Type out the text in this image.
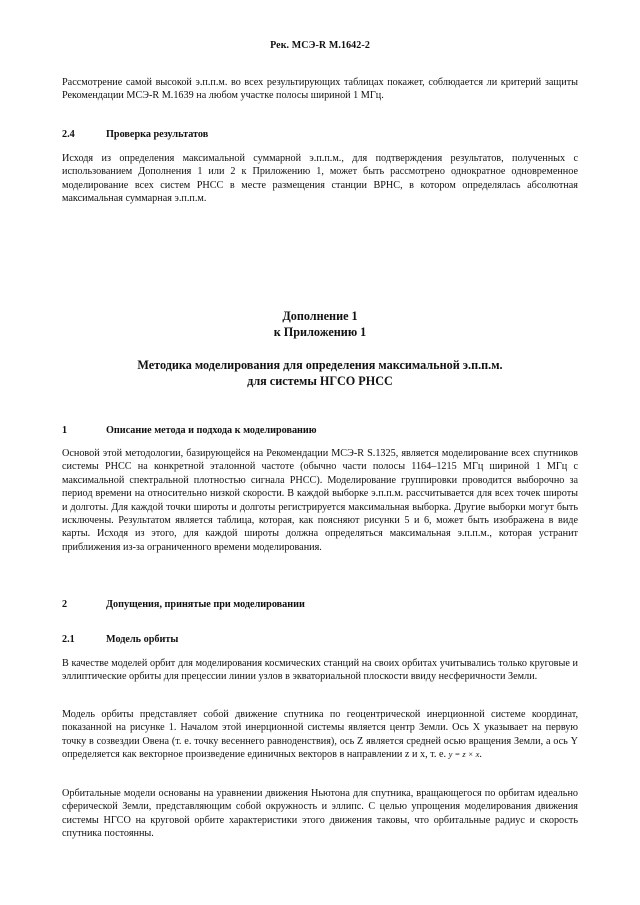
Рек. МСЭ-R M.1642-2

Рассмотрение самой высокой э.п.п.м. во всех результирующих таблицах покажет, соблюдается ли критерий защиты Рекомендации МСЭ-R M.1639 на любом участке полосы шириной 1 МГц.

2.4	Проверка результатов

Исходя из определения максимальной суммарной э.п.п.м., для подтверждения результатов, полученных с использованием Дополнения 1 или 2 к Приложению 1, может быть рассмотрено однократное одновременное моделирование всех систем РНСС в месте размещения станции ВРНС, в котором определялась абсолютная максимальная суммарная э.п.п.м.

Дополнение 1
к Приложению 1
Методика моделирования для определения максимальной э.п.п.м.
для системы НГСО РНСС
1	Описание метода и подхода к моделированию

Основой этой методологии, базирующейся на Рекомендации МСЭ-R S.1325, является моделирование всех спутников системы РНСС на конкретной эталонной частоте (обычно части полосы 1164–1215 МГц шириной 1 МГц с максимальной спектральной плотностью сигнала РНСС). Моделирование группировки проводится выборочно за период времени на относительно низкой скорости. В каждой выборке э.п.п.м. рассчитывается для всех точек широты и долготы. Для каждой точки широты и долготы регистрируется максимальная выборка. Другие выборки могут быть исключены. Результатом является таблица, которая, как поясняют рисунки 5 и 6, может быть изображена в виде карты. Исходя из этого, для каждой широты должна определяться максимальная э.п.п.м., которая устранит приближения из-за ограниченного времени моделирования.

2	Допущения, принятые при моделировании
2.1	Модель орбиты

В качестве моделей орбит для моделирования космических станций на своих орбитах учитывались только круговые и эллиптические орбиты для прецессии линии узлов в экваториальной плоскости ввиду несферичности Земли.

Модель орбиты представляет собой движение спутника по геоцентрической инерционной системе координат, показанной на рисунке 1. Началом этой инерционной системы является центр Земли. Ось X указывает на первую точку в созвездии Овена (т. е. точку весеннего равноденствия), ось Z является средней осью вращения Земли, а ось Y определяется как векторное произведение единичных векторов в направлении z и x, т. е. y = z × x.

Орбитальные модели основаны на уравнении движения Ньютона для спутника, вращающегося по орбитам идеально сферической Земли, представляющим собой окружность и эллипс. С целью упрощения моделирования движения системы НГСО на круговой орбите характеристики этого движения таковы, что орбитальные радиус и скорость спутника постоянны.
